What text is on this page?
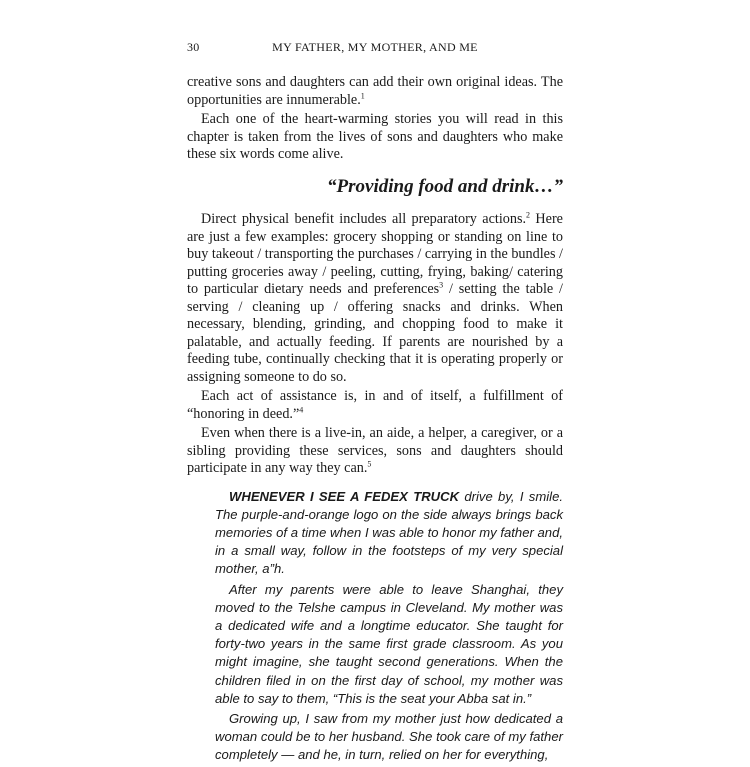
30	MY FATHER, MY MOTHER, AND ME

creative sons and daughters can add their own original ideas. The opportunities are innumerable.$^1$

Each one of the heart-warming stories you will read in this chapter is taken from the lives of sons and daughters who make these six words come alive.

“Providing food and drink…”

Direct physical benefit includes all preparatory actions.$^2$ Here are just a few examples: grocery shopping or standing on line to buy takeout / transporting the purchases / carrying in the bundles / putting groceries away / peeling, cutting, frying, baking/ catering to particular dietary needs and preferences$^3$ / setting the table / serving / cleaning up / offering snacks and drinks. When necessary, blending, grinding, and chopping food to make it palatable, and actually feeding. If parents are nourished by a feeding tube, continually checking that it is operating properly or assigning someone to do so.

Each act of assistance is, in and of itself, a fulfillment of “honoring in deed.”$^4$

Even when there is a live-in, an aide, a helper, a caregiver, or a sibling providing these services, sons and daughters should participate in any way they can.$^5$

WHENEVER I SEE A FEDEX TRUCK drive by, I smile. The purple-and-orange logo on the side always brings back memories of a time when I was able to honor my father and, in a small way, follow in the footsteps of my very special mother, a”h.

After my parents were able to leave Shanghai, they moved to the Telshe campus in Cleveland. My mother was a dedicated wife and a longtime educator. She taught for forty-two years in the same first grade classroom. As you might imagine, she taught second generations. When the children filed in on the first day of school, my mother was able to say to them, “This is the seat your Abba sat in.”

Growing up, I saw from my mother just how dedicated a woman could be to her husband. She took care of my father completely — and he, in turn, relied on her for everything,
